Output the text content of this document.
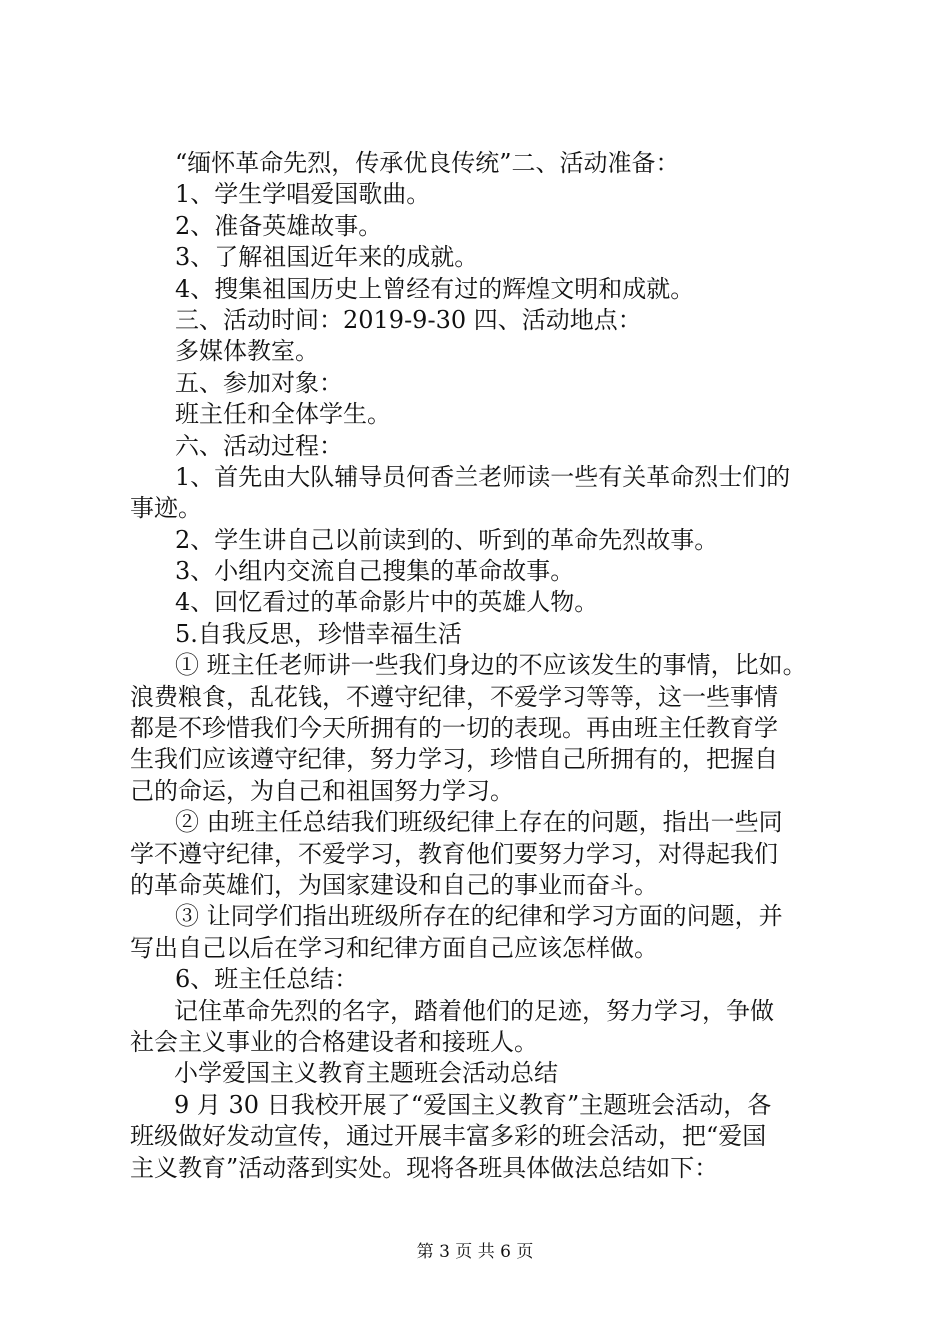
“缅怀革命先烈，传承优良传统”二、活动准备：
1、学生学唱爱国歌曲。
2、准备英雄故事。
3、了解祖国近年来的成就。
4、搜集祖国历史上曾经有过的辉煌文明和成就。
三、活动时间：2019-9-30 四、活动地点：
多媒体教室。
五、参加对象：
班主任和全体学生。
六、活动过程：
1、首先由大队辅导员何香兰老师读一些有关革命烈士们的
事迹。
2、学生讲自己以前读到的、听到的革命先烈故事。
3、小组内交流自己搜集的革命故事。
4、回忆看过的革命影片中的英雄人物。
5.自我反思，珍惜幸福生活
① 班主任老师讲一些我们身边的不应该发生的事情，比如。
浪费粮食，乱花钱，不遵守纪律，不爱学习等等，这一些事情
都是不珍惜我们今天所拥有的一切的表现。再由班主任教育学
生我们应该遵守纪律，努力学习，珍惜自己所拥有的，把握自
己的命运，为自己和祖国努力学习。
② 由班主任总结我们班级纪律上存在的问题，指出一些同
学不遵守纪律，不爱学习，教育他们要努力学习，对得起我们
的革命英雄们，为国家建设和自己的事业而奋斗。
③ 让同学们指出班级所存在的纪律和学习方面的问题，并
写出自己以后在学习和纪律方面自己应该怎样做。
6、班主任总结：
记住革命先烈的名字，踏着他们的足迹，努力学习，争做
社会主义事业的合格建设者和接班人。
小学爱国主义教育主题班会活动总结
9 月 30 日我校开展了“爱国主义教育”主题班会活动，各
班级做好发动宣传，通过开展丰富多彩的班会活动，把“爱国
主义教育”活动落到实处。现将各班具体做法总结如下：
第 3 页 共 6 页
